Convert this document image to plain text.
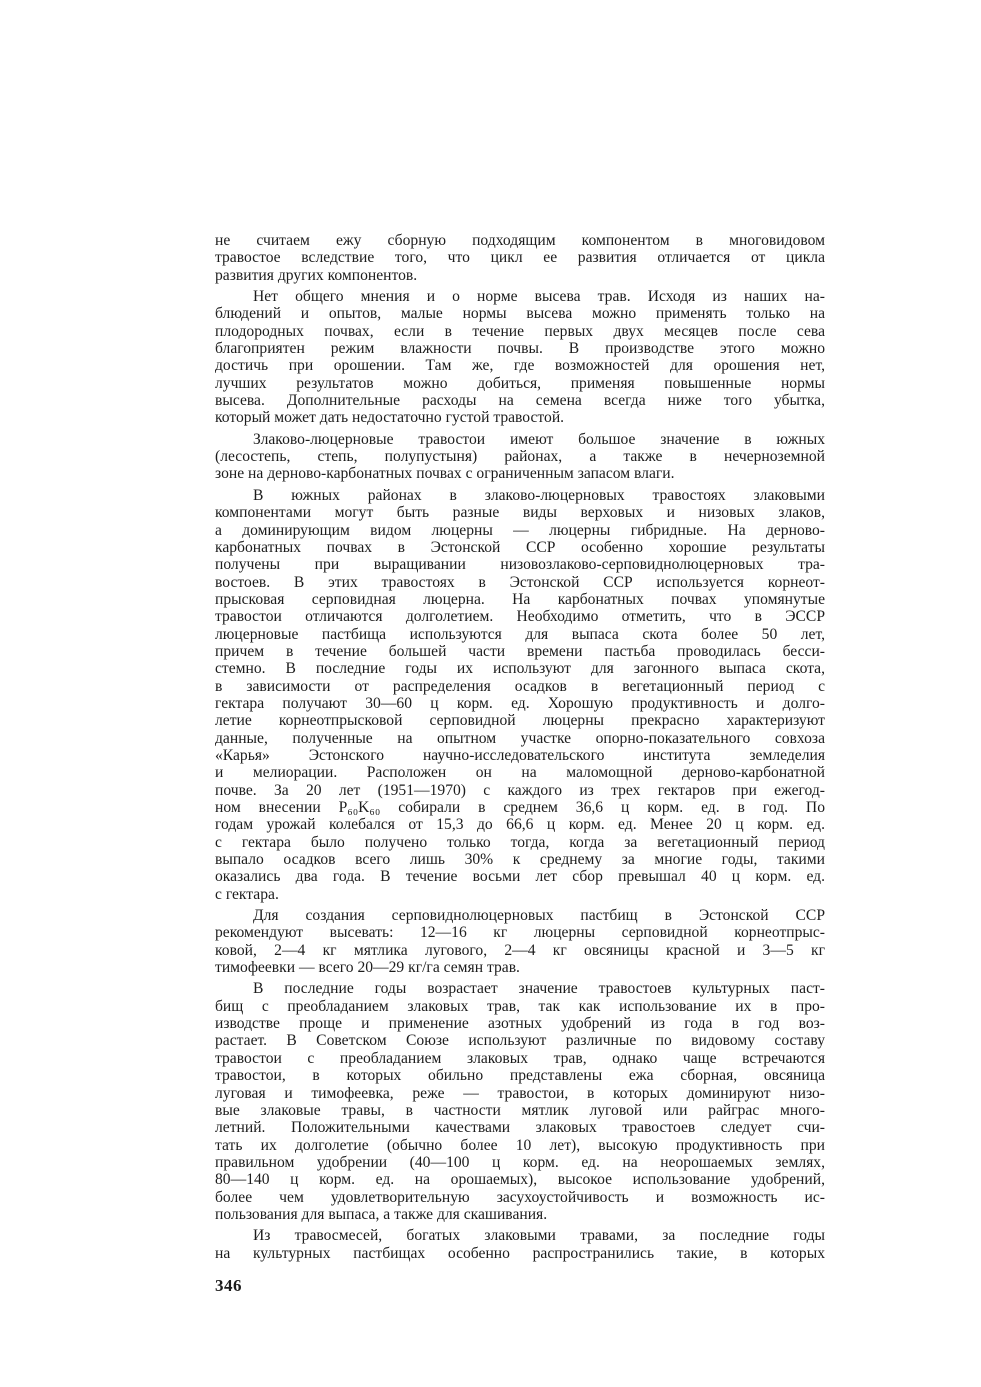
не считаем ежу сборную подходящим компонентом в многовидовом
травостое вследствие того, что цикл ее развития отличается от цикла
развития других компонентов.

Нет общего мнения и о норме высева трав. Исходя из наших на-
блюдений и опытов, малые нормы высева можно применять только на
плодородных почвах, если в течение первых двух месяцев после сева
благоприятен режим влажности почвы. В производстве этого можно
достичь при орошении. Там же, где возможностей для орошения нет,
лучших результатов можно добиться, применяя повышенные нормы
высева. Дополнительные расходы на семена всегда ниже того убытка,
который может дать недостаточно густой травостой.

Злаково-люцерновые травостои имеют большое значение в южных
(лесостепь, степь, полупустыня) районах, а также в нечерноземной
зоне на дерново-карбонатных почвах с ограниченным запасом влаги.

В южных районах в злаково-люцерновых травостоях злаковыми
компонентами могут быть разные виды верховых и низовых злаков,
а доминирующим видом люцерны — люцерны гибридные. На дерново-
карбонатных почвах в Эстонской ССР особенно хорошие результаты
получены при выращивании низовозлаково-серповиднолюцерновых тра-
востоев. В этих травостоях в Эстонской ССР используется корнеот-
прысковая серповидная люцерна. На карбонатных почвах упомянутые
травостои отличаются долголетием. Необходимо отметить, что в ЭССР
люцерновые пастбища используются для выпаса скота более 50 лет,
причем в течение большей части времени пастьба проводилась бесси-
стемно. В последние годы их используют для загонного выпаса скота,
в зависимости от распределения осадков в вегетационный период с
гектара получают 30—60 ц корм. ед. Хорошую продуктивность и долго-
летие корнеотпрысковой серповидной люцерны прекрасно характеризуют
данные, полученные на опытном участке опорно-показательного совхоза
«Карья» Эстонского научно-исследовательского института земледелия
и мелиорации. Расположен он на маломощной дерново-карбонатной
почве. За 20 лет (1951—1970) с каждого из трех гектаров при ежегод-
ном внесении P₆₀K₆₀ собирали в среднем 36,6 ц корм. ед. в год. По
годам урожай колебался от 15,3 до 66,6 ц корм. ед. Менее 20 ц корм. ед.
с гектара было получено только тогда, когда за вегетационный период
выпало осадков всего лишь 30% к среднему за многие годы, такими
оказались два года. В течение восьми лет сбор превышал 40 ц корм. ед.
с гектара.

Для создания серповиднолюцерновых пастбищ в Эстонской ССР
рекомендуют высевать: 12—16 кг люцерны серповидной корнеотпрыс-
ковой, 2—4 кг мятлика лугового, 2—4 кг овсяницы красной и 3—5 кг
тимофеевки — всего 20—29 кг/га семян трав.

В последние годы возрастает значение травостоев культурных паст-
бищ с преобладанием злаковых трав, так как использование их в про-
изводстве проще и применение азотных удобрений из года в год воз-
растает. В Советском Союзе используют различные по видовому составу
травостои с преобладанием злаковых трав, однако чаще встречаются
травостои, в которых обильно представлены ежа сборная, овсяница
луговая и тимофеевка, реже — травостои, в которых доминируют низо-
вые злаковые травы, в частности мятлик луговой или райграс много-
летний. Положительными качествами злаковых травостоев следует счи-
тать их долголетие (обычно более 10 лет), высокую продуктивность при
правильном удобрении (40—100 ц корм. ед. на неорошаемых землях,
80—140 ц корм. ед. на орошаемых), высокое использование удобрений,
более чем удовлетворительную засухоустойчивость и возможность ис-
пользования для выпаса, а также для скашивания.

Из травосмесей, богатых злаковыми травами, за последние годы
на культурных пастбищах особенно распространились такие, в которых

346
